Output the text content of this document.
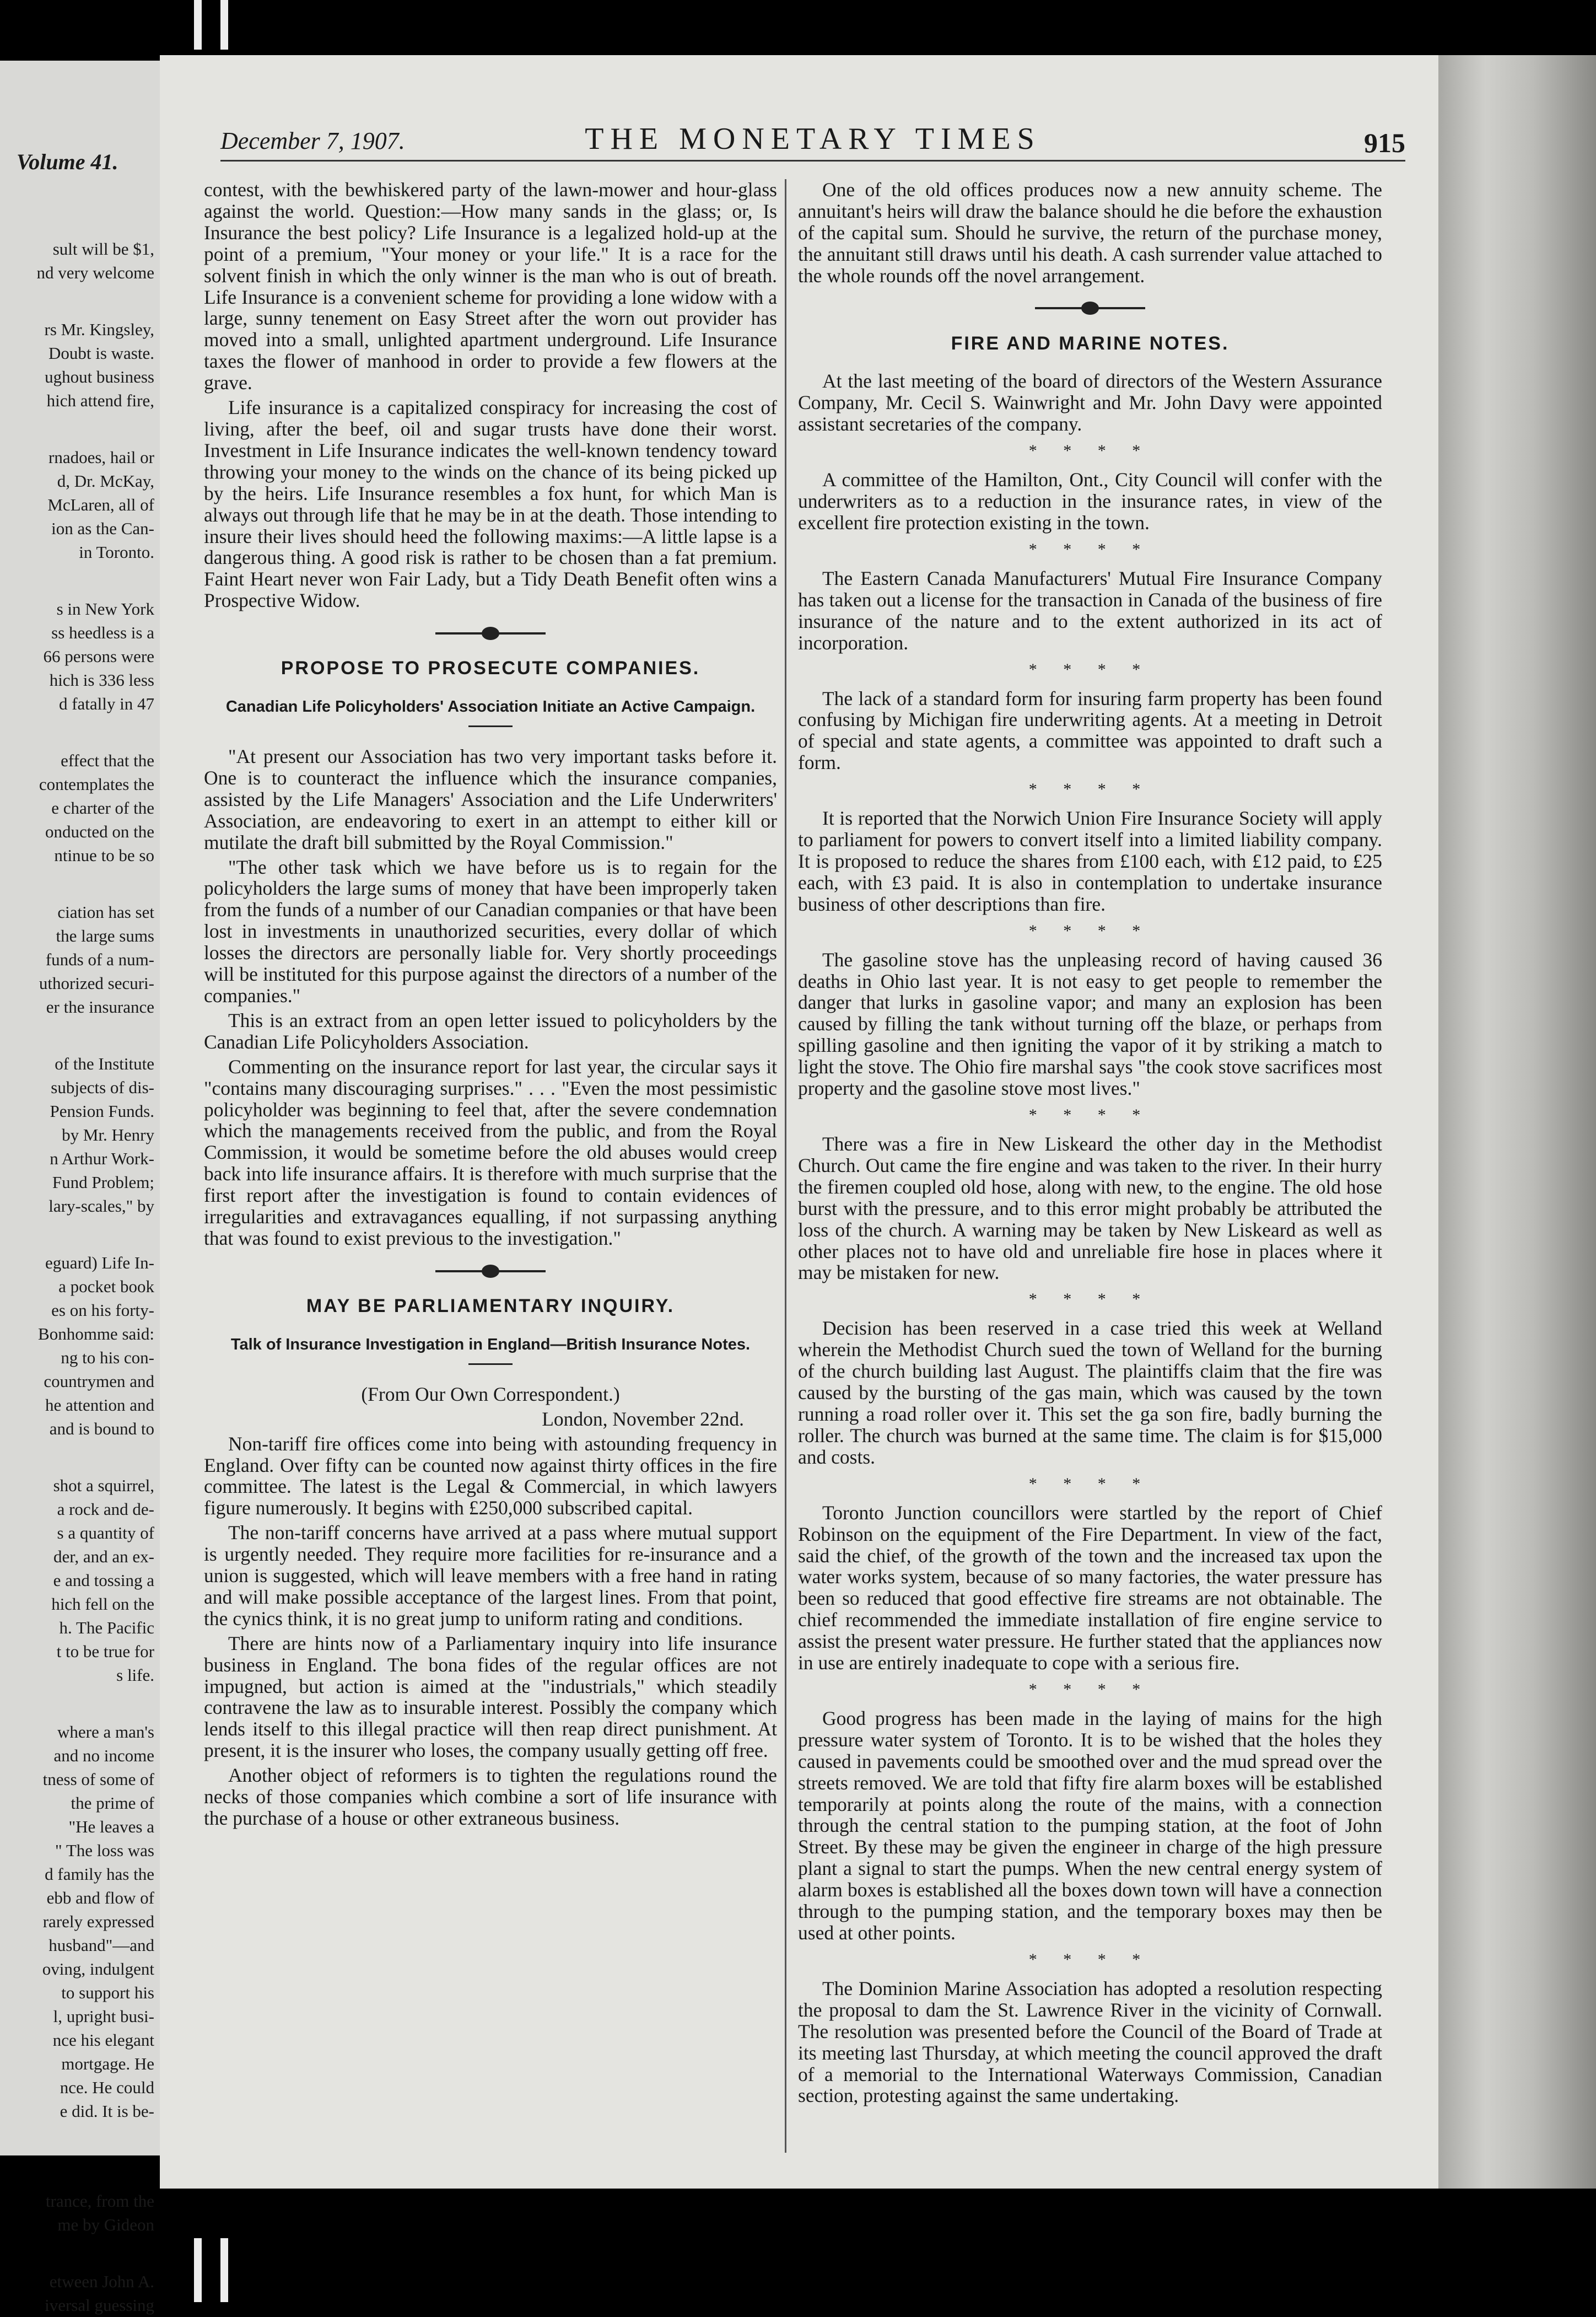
Volume 41.
sult will be $1,
nd very welcome
rs Mr. Kingsley,
Doubt is waste.
ughout business
hich attend fire,
rnadoes, hail or
d, Dr. McKay,
McLaren, all of
ion as the Can-
in Toronto.
s in New York
ss heedless is a
66 persons were
hich is 336 less
d fatally in 47
effect that the
contemplates the
e charter of the
onducted on the
ntinue to be so
ciation has set
the large sums
funds of a num-
uthorized securi-
er the insurance
of the Institute
subjects of dis-
Pension Funds.
by Mr. Henry
n Arthur Work-
Fund Problem;
lary-scales," by
eguard) Life In-
a pocket book
es on his forty-
Bonhomme said:
ng to his con-
countrymen and
he attention and
and is bound to
shot a squirrel,
a rock and de-
s a quantity of
der, and an ex-
e and tossing a
hich fell on the
h. The Pacific
t to be true for
s life.
where a man's
and no income
tness of some of
the prime of
"He leaves a
" The loss was
d family has the
ebb and flow of
rarely expressed
husband"—and
oving, indulgent
to support his
l, upright busi-
nce his elegant
mortgage. He
nce. He could
e did. It is be-
trance, from the
me by Gideon
etween John A.
iversal guessing
December 7, 1907.	THE MONETARY TIMES	915

contest, with the bewhiskered party of the lawn-mower and hour-glass against the world. Question:—How many sands in the glass; or, Is Insurance the best policy? Life Insurance is a legalized hold-up at the point of a premium, "Your money or your life." It is a race for the solvent finish in which the only winner is the man who is out of breath. Life Insurance is a convenient scheme for providing a lone widow with a large, sunny tenement on Easy Street after the worn out provider has moved into a small, unlighted apartment underground. Life Insurance taxes the flower of manhood in order to provide a few flowers at the grave.

Life insurance is a capitalized conspiracy for increasing the cost of living, after the beef, oil and sugar trusts have done their worst. Investment in Life Insurance indicates the well-known tendency toward throwing your money to the winds on the chance of its being picked up by the heirs. Life Insurance resembles a fox hunt, for which Man is always out through life that he may be in at the death. Those intending to insure their lives should heed the following maxims:—A little lapse is a dangerous thing. A good risk is rather to be chosen than a fat premium. Faint Heart never won Fair Lady, but a Tidy Death Benefit often wins a Prospective Widow.

PROPOSE TO PROSECUTE COMPANIES.
Canadian Life Policyholders' Association Initiate an Active Campaign.

"At present our Association has two very important tasks before it. One is to counteract the influence which the insurance companies, assisted by the Life Managers' Association and the Life Underwriters' Association, are endeavoring to exert in an attempt to either kill or mutilate the draft bill submitted by the Royal Commission."

"The other task which we have before us is to regain for the policyholders the large sums of money that have been improperly taken from the funds of a number of our Canadian companies or that have been lost in investments in unauthorized securities, every dollar of which losses the directors are personally liable for. Very shortly proceedings will be instituted for this purpose against the directors of a number of the companies."

This is an extract from an open letter issued to policyholders by the Canadian Life Policyholders Association.

Commenting on the insurance report for last year, the circular says it "contains many discouraging surprises." . . . "Even the most pessimistic policyholder was beginning to feel that, after the severe condemnation which the managements received from the public, and from the Royal Commission, it would be sometime before the old abuses would creep back into life insurance affairs. It is therefore with much surprise that the first report after the investigation is found to contain evidences of irregularities and extravagances equalling, if not surpassing anything that was found to exist previous to the investigation."

MAY BE PARLIAMENTARY INQUIRY.
Talk of Insurance Investigation in England—British Insurance Notes.

(From Our Own Correspondent.)

London, November 22nd.

Non-tariff fire offices come into being with astounding frequency in England. Over fifty can be counted now against thirty offices in the fire committee. The latest is the Legal & Commercial, in which lawyers figure numerously. It begins with £250,000 subscribed capital.

The non-tariff concerns have arrived at a pass where mutual support is urgently needed. They require more facilities for re-insurance and a union is suggested, which will leave members with a free hand in rating and will make possible acceptance of the largest lines. From that point, the cynics think, it is no great jump to uniform rating and conditions.

There are hints now of a Parliamentary inquiry into life insurance business in England. The bona fides of the regular offices are not impugned, but action is aimed at the "industrials," which steadily contravene the law as to insurable interest. Possibly the company which lends itself to this illegal practice will then reap direct punishment. At present, it is the insurer who loses, the company usually getting off free.

Another object of reformers is to tighten the regulations round the necks of those companies which combine a sort of life insurance with the purchase of a house or other extraneous business.

One of the old offices produces now a new annuity scheme. The annuitant's heirs will draw the balance should he die before the exhaustion of the capital sum. Should he survive, the return of the purchase money, the annuitant still draws until his death. A cash surrender value attached to the whole rounds off the novel arrangement.

FIRE AND MARINE NOTES.

At the last meeting of the board of directors of the Western Assurance Company, Mr. Cecil S. Wainwright and Mr. John Davy were appointed assistant secretaries of the company.

* * * *

A committee of the Hamilton, Ont., City Council will confer with the underwriters as to a reduction in the insurance rates, in view of the excellent fire protection existing in the town.

* * * *

The Eastern Canada Manufacturers' Mutual Fire Insurance Company has taken out a license for the transaction in Canada of the business of fire insurance of the nature and to the extent authorized in its act of incorporation.

* * * *

The lack of a standard form for insuring farm property has been found confusing by Michigan fire underwriting agents. At a meeting in Detroit of special and state agents, a committee was appointed to draft such a form.

* * * *

It is reported that the Norwich Union Fire Insurance Society will apply to parliament for powers to convert itself into a limited liability company. It is proposed to reduce the shares from £100 each, with £12 paid, to £25 each, with £3 paid. It is also in contemplation to undertake insurance business of other descriptions than fire.

* * * *

The gasoline stove has the unpleasing record of having caused 36 deaths in Ohio last year. It is not easy to get people to remember the danger that lurks in gasoline vapor; and many an explosion has been caused by filling the tank without turning off the blaze, or perhaps from spilling gasoline and then igniting the vapor of it by striking a match to light the stove. The Ohio fire marshal says "the cook stove sacrifices most property and the gasoline stove most lives."

* * * *

There was a fire in New Liskeard the other day in the Methodist Church. Out came the fire engine and was taken to the river. In their hurry the firemen coupled old hose, along with new, to the engine. The old hose burst with the pressure, and to this error might probably be attributed the loss of the church. A warning may be taken by New Liskeard as well as other places not to have old and unreliable fire hose in places where it may be mistaken for new.

* * * *

Decision has been reserved in a case tried this week at Welland wherein the Methodist Church sued the town of Welland for the burning of the church building last August. The plaintiffs claim that the fire was caused by the bursting of the gas main, which was caused by the town running a road roller over it. This set the ga son fire, badly burning the roller. The church was burned at the same time. The claim is for $15,000 and costs.

* * * *

Toronto Junction councillors were startled by the report of Chief Robinson on the equipment of the Fire Department. In view of the fact, said the chief, of the growth of the town and the increased tax upon the water works system, because of so many factories, the water pressure has been so reduced that good effective fire streams are not obtainable. The chief recommended the immediate installation of fire engine service to assist the present water pressure. He further stated that the appliances now in use are entirely inadequate to cope with a serious fire.

* * * *

Good progress has been made in the laying of mains for the high pressure water system of Toronto. It is to be wished that the holes they caused in pavements could be smoothed over and the mud spread over the streets removed. We are told that fifty fire alarm boxes will be established temporarily at points along the route of the mains, with a connection through the central station to the pumping station, at the foot of John Street. By these may be given the engineer in charge of the high pressure plant a signal to start the pumps. When the new central energy system of alarm boxes is established all the boxes down town will have a connection through to the pumping station, and the temporary boxes may then be used at other points.

* * * *

The Dominion Marine Association has adopted a resolution respecting the proposal to dam the St. Lawrence River in the vicinity of Cornwall. The resolution was presented before the Council of the Board of Trade at its meeting last Thursday, at which meeting the council approved the draft of a memorial to the International Waterways Commission, Canadian section, protesting against the same undertaking.
